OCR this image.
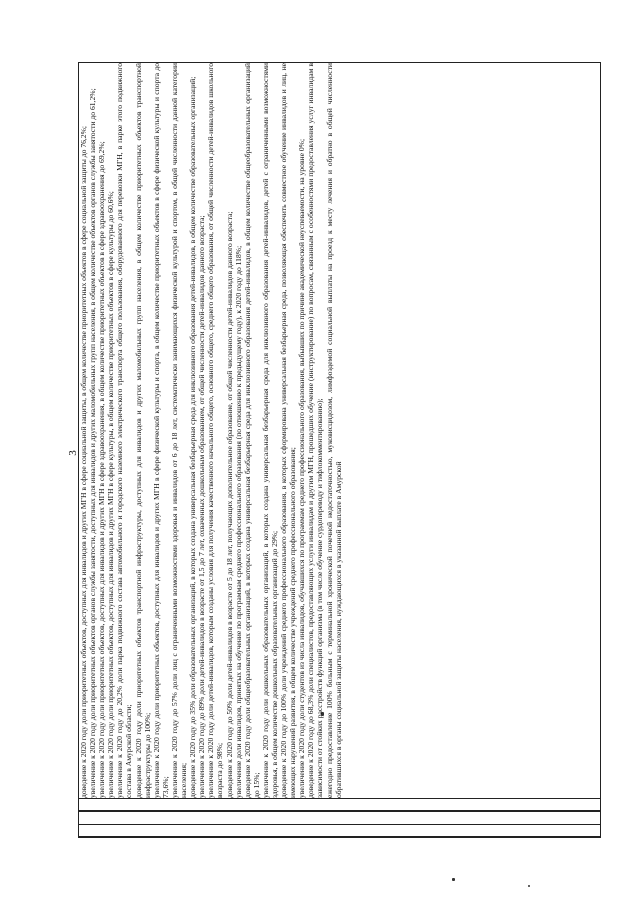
3
					доведение к 2020 году доли приоритетных объектов, доступных для инвалидов и других МГН в сфере социальной защиты, в общем количестве приоритетных объектов в сфере социальной защиты до 76,2%; увеличение к 2020 году доли приоритетных объектов органов службы занятости, доступных для инвалидов и других маломобильных групп населения, в общем количестве объектов органов службы занятости до 61,2%; увеличение к 2020 году доли приоритетных объектов, доступных для инвалидов и других МГН в сфере здравоохранения, в общем количестве приоритетных объектов в сфере здравоохранения до 69,2%; увеличение к 2020 году доли приоритетных объектов, доступных для инвалидов и других МГН в сфере культуры, в общем количестве приоритетных объектов в сфере культуры до 60,6%; увеличение к 2020 году до 20,2% доли парка подвижного состава автомобильного и городского наземного электрического транспорта общего пользования, оборудованного для перевозки МГН, в парке этого подвижного состава в Амурской области; доведение к 2020 году доли приоритетных объектов транспортной инфраструктуры, доступных для инвалидов и других маломобильных групп населения, в общем количестве приоритетных объектов транспортной инфраструктуры до 100%; увеличение к 2020 году доли приоритетных объектов, доступных для инвалидов и других МГН в сфере физической культуры и спорта, в общем количестве приоритетных объектов в сфере физической культуры и спорта до 73,6%; увеличение к 2020 году до 57% доли лиц с ограниченными возможностями здоровья и инвалидов от 6 до 18 лет, систематически занимающихся физической культурой и спортом, в общей численности данной категории населения; доведение к 2020 году до 35% доли образовательных организаций, в которых создана универсальная безбарьерная среда для инклюзивного образования детей-инвалидов, в общем количестве образовательных организаций; увеличение к 2020 году до 89% доли детей-инвалидов в возрасте от 1,5 до 7 лет, охваченных дошкольным образованием, от общей численности детей-инвалидов данного возраста; увеличение к 2020 году доли детей-инвалидов, которым созданы условия для получения качественного начального общего, основного общего, среднего общего образования, от общей численности детей-инвалидов школьного возраста до 98%; доведение к 2020 году до 50% доли детей-инвалидов в возрасте от 5 до 18 лет, получающих дополнительное образование, от общей численности детей-инвалидов данного возраста; увеличение доли инвалидов, принятых на обучение по программам среднего профессионального образования (по отношению к предыдущему году), к 2020 году до 118%; доведение к 2020 году доли общеобразовательных организаций, в которых создана универсальная безбарьерная среда для инклюзивного образования детей-инвалидов, в общем количестве общеобразовательных организаций до 15%; увеличение к 2020 году доли дошкольных образовательных организаций, в которых создана универсальная безбарьерная среда для инклюзивного образования детей-инвалидов, детей с ограниченными возможностями здоровья, в общем количестве дошкольных образовательных организаций до 29%; доведение к 2020 году до 100% доли учреждений среднего профессионального образования, в которых сформирована универсальная безбарьерная среда, позволяющая обеспечить совместное обучение инвалидов и лиц, не имеющих нарушений развития, в общем количестве учреждений среднего профессионального образования; увеличение к 2020 году доли студентов из числа инвалидов, обучавшихся по программам среднего профессионального образования, выбывших по причине академической неуспеваемости, на уровне 0%; доведение к 2020 году до 68,3% доли специалистов, предоставляющих услуги инвалидам и другим МГН, прошедших обучение (инструктирование) по вопросам, связанным с особенностями предоставления услуг инвалидам в зависимости от стойких расстройств функций организма (в том числе обучение сурдопереводу и тифлокомментированию); ежегодно предоставление 100% больным с терминальной хронической почечной недостаточностью, муковисцидозом, лимфоэдемой социальной выплаты на проезд к месту лечения и обратно в общей численности обратившихся в органы социальной защиты населения, нуждающихся в указанной выплате в Амурской
